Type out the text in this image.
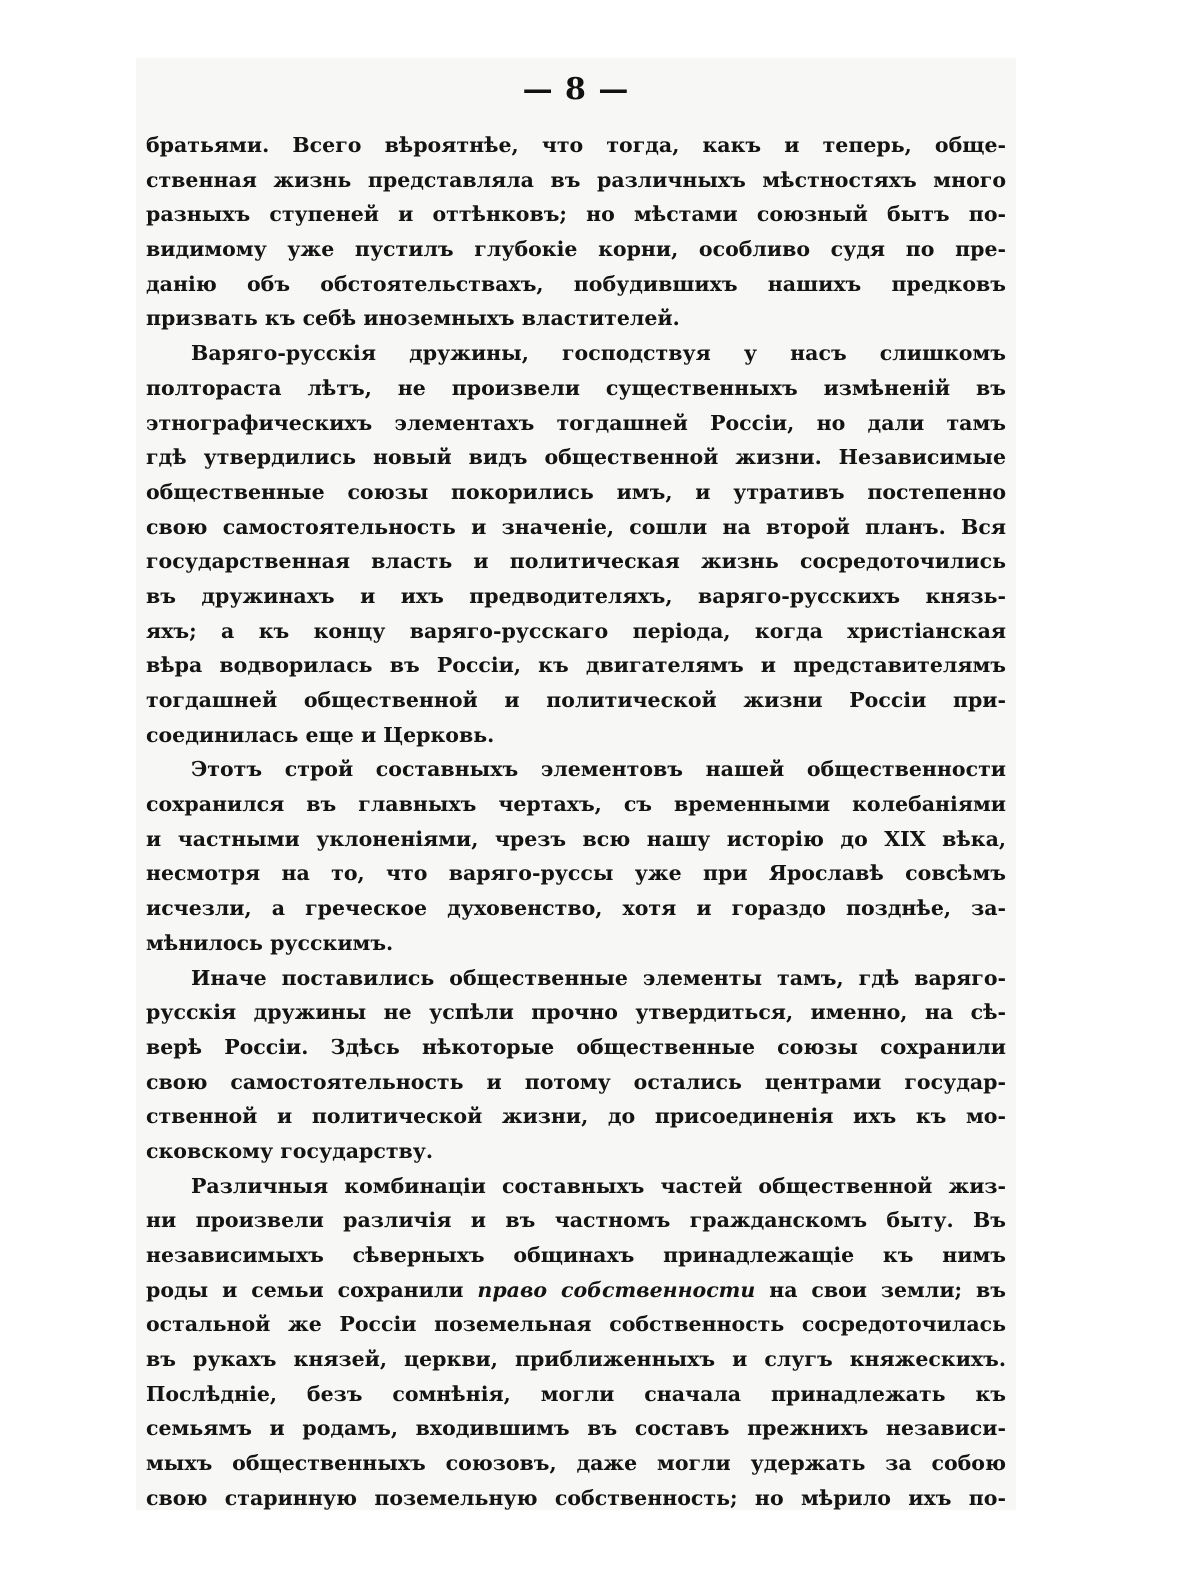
— 8 —
братьями. Всего вѣроятнѣе, что тогда, какъ и теперь, обще-
ственная жизнь представляла въ различныхъ мѣстностяхъ много
разныхъ ступеней и оттѣнковъ; но мѣстами союзный бытъ по-
видимому уже пустилъ глубокіе корни, особливо судя по пре-
данію объ обстоятельствахъ, побудившихъ нашихъ предковъ
призвать къ себѣ иноземныхъ властителей.
Варяго-русскія дружины, господствуя у насъ слишкомъ
полтораста лѣтъ, не произвели существенныхъ измѣненій въ
этнографическихъ элементахъ тогдашней Россіи, но дали тамъ
гдѣ утвердились новый видъ общественной жизни. Независимые
общественные союзы покорились имъ, и утративъ постепенно
свою самостоятельность и значеніе, сошли на второй планъ. Вся
государственная власть и политическая жизнь сосредоточились
въ дружинахъ и ихъ предводителяхъ, варяго-русскихъ князь-
яхъ; а къ концу варяго-русскаго періода, когда христіанская
вѣра водворилась въ Россіи, къ двигателямъ и представителямъ
тогдашней общественной и политической жизни Россіи при-
соединилась еще и Церковь.
Этотъ строй составныхъ элементовъ нашей общественности
сохранился въ главныхъ чертахъ, съ временными колебаніями
и частными уклоненіями, чрезъ всю нашу исторію до XIX вѣка,
несмотря на то, что варяго-руссы уже при Ярославѣ совсѣмъ
исчезли, а греческое духовенство, хотя и гораздо позднѣе, за-
мѣнилось русскимъ.
Иначе поставились общественные элементы тамъ, гдѣ варяго-
русскія дружины не успѣли прочно утвердиться, именно, на сѣ-
верѣ Россіи. Здѣсь нѣкоторые общественные союзы сохранили
свою самостоятельность и потому остались центрами государ-
ственной и политической жизни, до присоединенія ихъ къ мо-
сковскому государству.
Различныя комбинаціи составныхъ частей общественной жиз-
ни произвели различія и въ частномъ гражданскомъ быту. Въ
независимыхъ сѣверныхъ общинахъ принадлежащіе къ нимъ
роды и семьи сохранили право собственности на свои земли; въ
остальной же Россіи поземельная собственность сосредоточилась
въ рукахъ князей, церкви, приближенныхъ и слугъ княжескихъ.
Послѣдніе, безъ сомнѣнія, могли сначала принадлежать къ
семьямъ и родамъ, входившимъ въ составъ прежнихъ независи-
мыхъ общественныхъ союзовъ, даже могли удержать за собою
свою старинную поземельную собственность; но мѣрило ихъ по-
